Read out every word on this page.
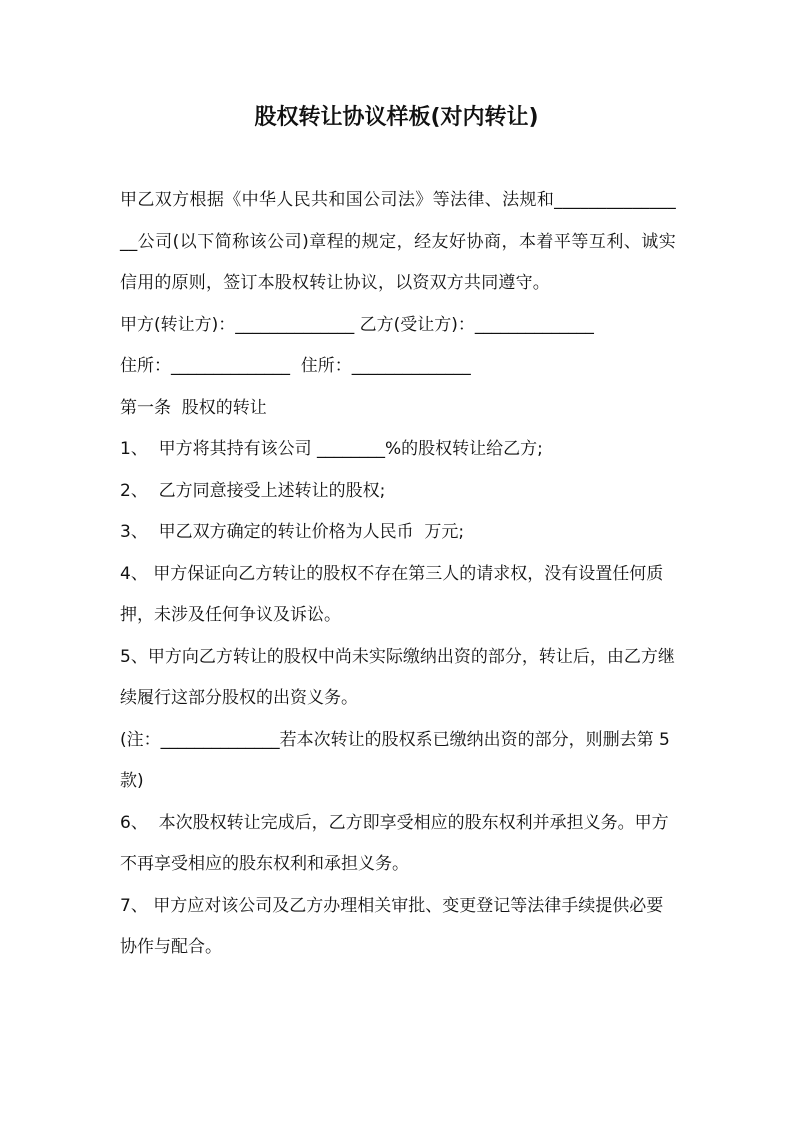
股权转让协议样板(对内转让)

甲乙双方根据《中华人民共和国公司法》等法律、法规和________________公司(以下简称该公司)章程的规定，经友好协商，本着平等互利、诚实信用的原则，签订本股权转让协议，以资双方共同遵守。

甲方(转让方)：______________ 乙方(受让方)：______________

住所：______________  住所：______________

第一条  股权的转让

1、  甲方将其持有该公司 ________%的股权转让给乙方;

2、  乙方同意接受上述转让的股权;

3、  甲乙双方确定的转让价格为人民币  万元;

4、 甲方保证向乙方转让的股权不存在第三人的请求权，没有设置任何质押，未涉及任何争议及诉讼。

5、甲方向乙方转让的股权中尚未实际缴纳出资的部分，转让后，由乙方继续履行这部分股权的出资义务。

(注：______________若本次转让的股权系已缴纳出资的部分，则删去第 5 款)

6、  本次股权转让完成后，乙方即享受相应的股东权利并承担义务。甲方不再享受相应的股东权利和承担义务。

7、 甲方应对该公司及乙方办理相关审批、变更登记等法律手续提供必要协作与配合。
